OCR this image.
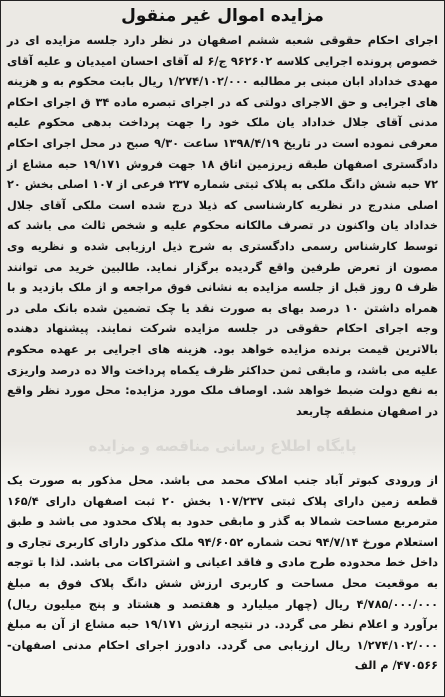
مزایده اموال غیر منقول
اجرای احکام حقوقی شعبه ششم اصفهان در نظر دارد جلسه مزایده ای در خصوص پرونده اجرایی کلاسه ۹۶۲۶۰۲ ج/۶ له آقای احسان امیدیان و علیه آقای مهدی خداداد ابان مبنی بر مطالبه ۱/۲۷۴/۱۰۲/۰۰۰ ریال بابت محکوم به و هزینه های اجرایی و حق الاجرای دولتی که در اجرای تبصره ماده ۳۴ ق اجرای احکام مدنی آقای جلال خداداد یان ملک خود را جهت پرداخت بدهی محکوم علیه معرفی نموده است در تاریخ ۱۳۹۸/۴/۱۹ ساعت ۹/۳۰ صبح در محل اجرای احکام دادگستری اصفهان طبقه زیرزمین اتاق ۱۸ جهت فروش ۱۹/۱۷۱ حبه مشاع از ۷۲ حبه شش دانگ ملکی به پلاک ثبتی شماره ۲۳۷ فرعی از ۱۰۷ اصلی بخش ۲۰ اصلی مندرج در نظریه کارشناسی که ذیلا درج شده است ملکی آقای جلال خداداد یان واکنون در تصرف مالکانه محکوم علیه و شخص ثالث می باشد که توسط کارشناس رسمی دادگستری به شرح ذیل ارزیابی شده و نظریه وی مصون از تعرض طرفین واقع گردیده برگزار نماید. طالبین خرید می توانند ظرف ۵ روز قبل از جلسه مزایده به نشانی فوق مراجعه و از ملک بازدید و با همراه داشتن ۱۰ درصد بهای به صورت نقد یا چک تضمین شده بانک ملی در وجه اجرای احکام حقوقی در جلسه مزایده شرکت نمایند. پیشنهاد دهنده بالاترین قیمت برنده مزایده خواهد بود. هزینه های اجرایی بر عهده محکوم علیه می باشد، و مابقی ثمن حداکثر ظرف یکماه پرداخت والا ده درصد واریزی به نفع دولت ضبط خواهد شد. اوصاف ملک مورد مزایده: محل مورد نظر واقع در اصفهان منطقه چاربعد
از ورودی کبوتر آباد جنب املاک محمد می باشد. محل مذکور به صورت یک قطعه زمین دارای پلاک ثبتی ۱۰۷/۲۳۷ بخش ۲۰ ثبت اصفهان دارای ۱۶۵/۴ مترمربع مساحت شمالا به گذر و مابقی حدود به پلاک محدود می باشد و طبق استعلام مورخ ۹۴/۷/۱۴ تحت شماره ۹۴/۶۰۵۲ ملک مذکور دارای کاربری تجاری و داخل خط محدوده طرح مادی و فاقد اعیانی و اشتراکات می باشد. لذا با توجه به موقعیت محل مساحت و کاربری ارزش شش دانگ پلاک فوق به مبلغ ۴/۷۸۵/۰۰۰/۰۰۰ ریال (چهار میلیارد و هفتصد و هشتاد و پنج میلیون ریال) برآورد و اعلام نظر می گردد. در نتیجه ارزش ۱۹/۱۷۱ حبه مشاع از آن به مبلغ ۱/۲۷۴/۱۰۲/۰۰۰ ریال ارزیابی می گردد. دادورز اجرای احکام مدنی اصفهان- ۴۷۰۵۶۶/ م الف
